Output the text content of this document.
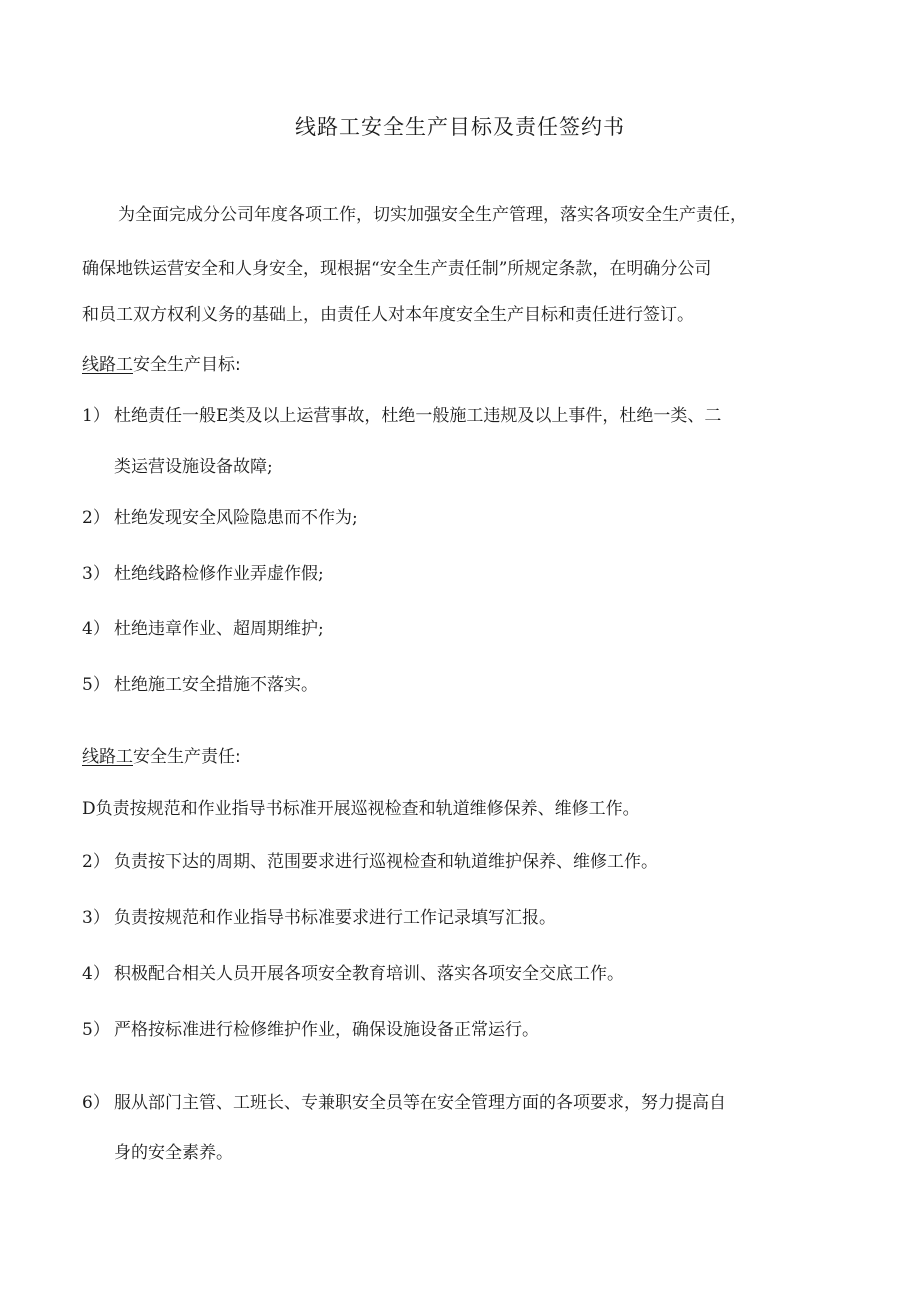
线路工安全生产目标及责任签约书
为全面完成分公司年度各项工作，切实加强安全生产管理，落实各项安全生产责任，
确保地铁运营安全和人身安全，现根据“安全生产责任制”所规定条款，在明确分公司
和员工双方权利义务的基础上，由责任人对本年度安全生产目标和责任进行签订。
线路工安全生产目标:
1） 杜绝责任一般E类及以上运营事故，杜绝一般施工违规及以上事件，杜绝一类、二
类运营设施设备故障;
2） 杜绝发现安全风险隐患而不作为;
3） 杜绝线路检修作业弄虚作假;
4） 杜绝违章作业、超周期维护;
5） 杜绝施工安全措施不落实。
线路工安全生产责任:
D负责按规范和作业指导书标准开展巡视检查和轨道维修保养、维修工作。
2） 负责按下达的周期、范围要求进行巡视检查和轨道维护保养、维修工作。
3） 负责按规范和作业指导书标准要求进行工作记录填写汇报。
4） 积极配合相关人员开展各项安全教育培训、落实各项安全交底工作。
5） 严格按标准进行检修维护作业，确保设施设备正常运行。
6） 服从部门主管、工班长、专兼职安全员等在安全管理方面的各项要求，努力提高自
身的安全素养。
